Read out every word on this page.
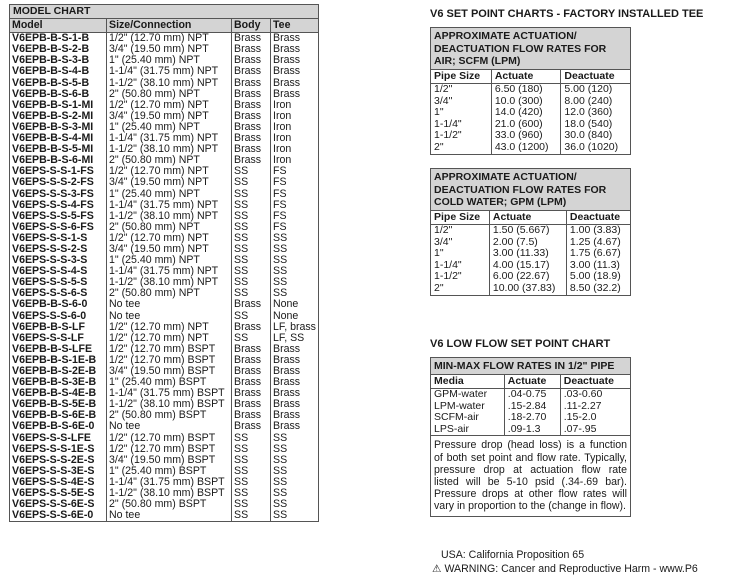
MODEL CHART			
Model	Size/Connection	Body	Tee
V6EPB-B-S-1-B	1/2" (12.70 mm) NPT	Brass	Brass
V6EPB-B-S-2-B	3/4" (19.50 mm) NPT	Brass	Brass
V6EPB-B-S-3-B	1" (25.40 mm) NPT	Brass	Brass
V6EPB-B-S-4-B	1-1/4" (31.75 mm) NPT	Brass	Brass
V6EPB-B-S-5-B	1-1/2" (38.10 mm) NPT	Brass	Brass
V6EPB-B-S-6-B	2" (50.80 mm) NPT	Brass	Brass
V6EPB-B-S-1-MI	1/2" (12.70 mm) NPT	Brass	Iron
V6EPB-B-S-2-MI	3/4" (19.50 mm) NPT	Brass	Iron
V6EPB-B-S-3-MI	1" (25.40 mm) NPT	Brass	Iron
V6EPB-B-S-4-MI	1-1/4" (31.75 mm) NPT	Brass	Iron
V6EPB-B-S-5-MI	1-1/2" (38.10 mm) NPT	Brass	Iron
V6EPB-B-S-6-MI	2" (50.80 mm) NPT	Brass	Iron
V6EPS-S-S-1-FS	1/2" (12.70 mm) NPT	SS	FS
V6EPS-S-S-2-FS	3/4" (19.50 mm) NPT	SS	FS
V6EPS-S-S-3-FS	1" (25.40 mm) NPT	SS	FS
V6EPS-S-S-4-FS	1-1/4" (31.75 mm) NPT	SS	FS
V6EPS-S-S-5-FS	1-1/2" (38.10 mm) NPT	SS	FS
V6EPS-S-S-6-FS	2" (50.80 mm) NPT	SS	FS
V6EPS-S-S-1-S	1/2" (12.70 mm) NPT	SS	SS
V6EPS-S-S-2-S	3/4" (19.50 mm) NPT	SS	SS
V6EPS-S-S-3-S	1" (25.40 mm) NPT	SS	SS
V6EPS-S-S-4-S	1-1/4" (31.75 mm) NPT	SS	SS
V6EPS-S-S-5-S	1-1/2" (38.10 mm) NPT	SS	SS
V6EPS-S-S-6-S	2" (50.80 mm) NPT	SS	SS
V6EPB-B-S-6-0	No tee	Brass	None
V6EPS-S-S-6-0	No tee	SS	None
V6EPB-B-S-LF	1/2" (12.70 mm) NPT	Brass	LF, brass
V6EPS-S-S-LF	1/2" (12.70 mm) NPT	SS	LF, SS
V6EPB-B-S-LFE	1/2" (12.70 mm) BSPT	Brass	Brass
V6EPB-B-S-1E-B	1/2" (12.70 mm) BSPT	Brass	Brass
V6EPB-B-S-2E-B	3/4" (19.50 mm) BSPT	Brass	Brass
V6EPB-B-S-3E-B	1" (25.40 mm) BSPT	Brass	Brass
V6EPB-B-S-4E-B	1-1/4" (31.75 mm) BSPT	Brass	Brass
V6EPB-B-S-5E-B	1-1/2" (38.10 mm) BSPT	Brass	Brass
V6EPB-B-S-6E-B	2" (50.80 mm) BSPT	Brass	Brass
V6EPB-B-S-6E-0	No tee	Brass	Brass
V6EPS-S-S-LFE	1/2" (12.70 mm) BSPT	SS	SS
V6EPS-S-S-1E-S	1/2" (12.70 mm) BSPT	SS	SS
V6EPS-S-S-2E-S	3/4" (19.50 mm) BSPT	SS	SS
V6EPS-S-S-3E-S	1" (25.40 mm) BSPT	SS	SS
V6EPS-S-S-4E-S	1-1/4" (31.75 mm) BSPT	SS	SS
V6EPS-S-S-5E-S	1-1/2" (38.10 mm) BSPT	SS	SS
V6EPS-S-S-6E-S	2" (50.80 mm) BSPT	SS	SS
V6EPS-S-S-6E-0	No tee	SS	SS
V6 SET POINT CHARTS - FACTORY INSTALLED TEE
APPROXIMATE ACTUATION/ DEACTUATION FLOW RATES FOR AIR; SCFM (LPM)
Pipe Size	Actuate	Deactuate
1/2"	6.50 (180)	5.00 (120)
3/4"	10.0 (300)	8.00 (240)
1"	14.0 (420)	12.0 (360)
1-1/4"	21.0 (600)	18.0 (540)
1-1/2"	33.0 (960)	30.0 (840)
2"	43.0 (1200)	36.0 (1020)
APPROXIMATE ACTUATION/ DEACTUATION FLOW RATES FOR COLD WATER; GPM (LPM)
Pipe Size	Actuate	Deactuate
1/2"	1.50 (5.667)	1.00 (3.83)
3/4"	2.00 (7.5)	1.25 (4.67)
1"	3.00 (11.33)	1.75 (6.67)
1-1/4"	4.00 (15.17)	3.00 (11.3)
1-1/2"	6.00 (22.67)	5.00 (18.9)
2"	10.00 (37.83)	8.50 (32.2)
V6 LOW FLOW SET POINT CHART
MIN-MAX FLOW RATES IN 1/2" PIPE
Media	Actuate	Deactuate
GPM-water	.04-0.75	.03-0.60
LPM-water	.15-2.84	.11-2.27
SCFM-air	.18-2.70	.15-2.0
LPS-air	.09-1.3	.07-.95
Pressure drop (head loss) is a function of both set point and flow rate. Typically, pressure drop at actuation flow rate listed will be 5-10 psid (.34-.69 bar). Pressure drops at other flow rates will vary in proportion to the (change in flow).
USA: California Proposition 65
⚠ WARNING: Cancer and Reproductive Harm - www.P6
